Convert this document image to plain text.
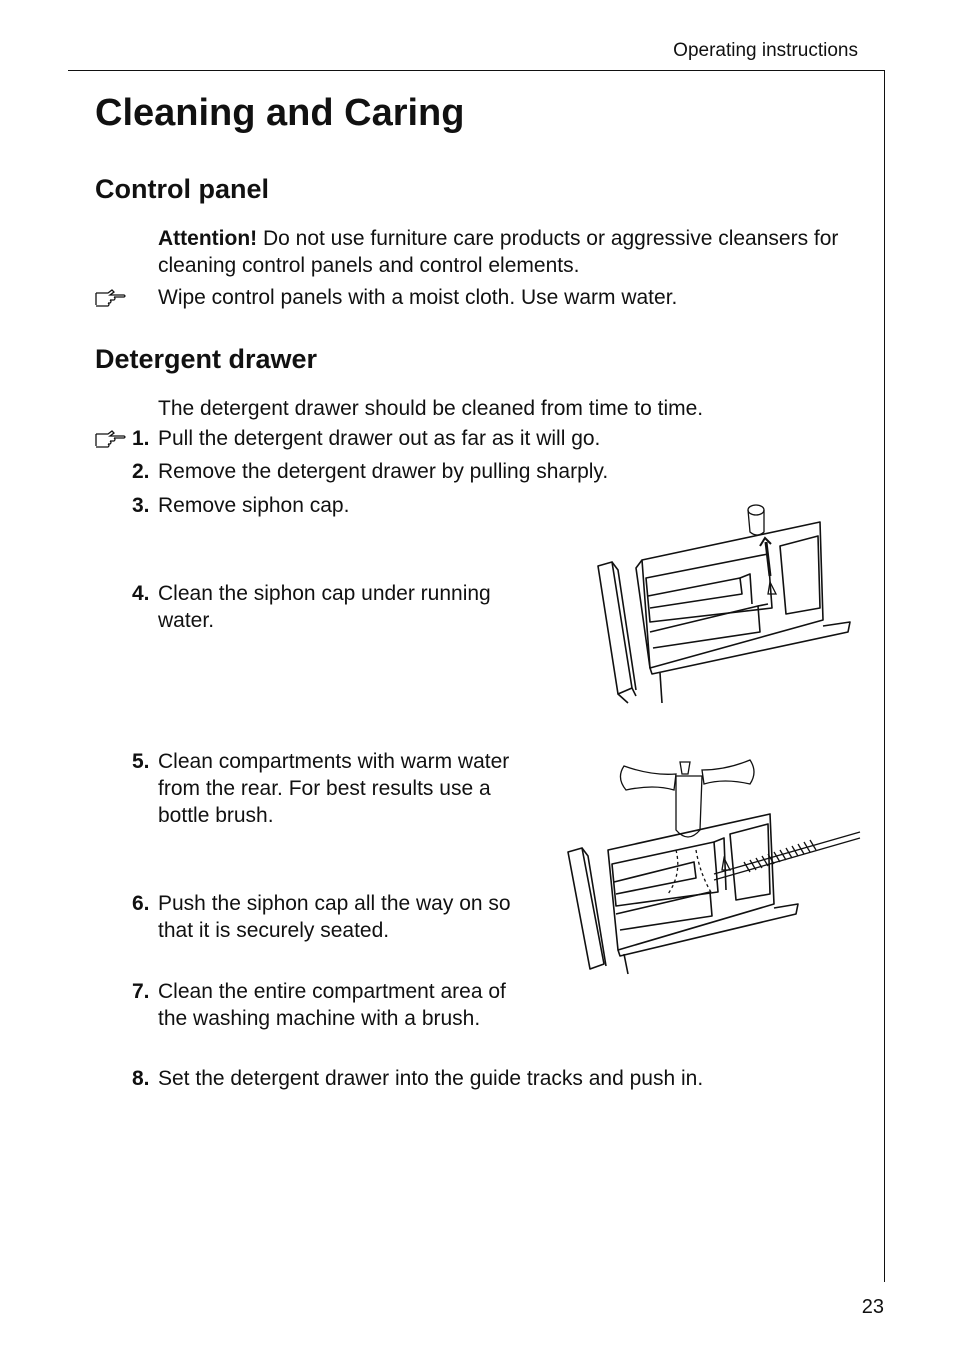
Operating instructions
Cleaning and Caring
Control panel

Attention! Do not use furniture care products or aggressive cleansers for cleaning control panels and control elements.

Wipe control panels with a moist cloth. Use warm water.
Detergent drawer
The detergent drawer should be cleaned from time to time.
1. Pull the detergent drawer out as far as it will go.
2. Remove the detergent drawer by pulling sharply.
3. Remove siphon cap.
4. Clean the siphon cap under running water.
5. Clean compartments with warm water from the rear. For best results use a bottle brush.
6. Push the siphon cap all the way on so that it is securely seated.
7. Clean the entire compartment area of the washing machine with a brush.
8. Set the detergent drawer into the guide tracks and push in.
23
